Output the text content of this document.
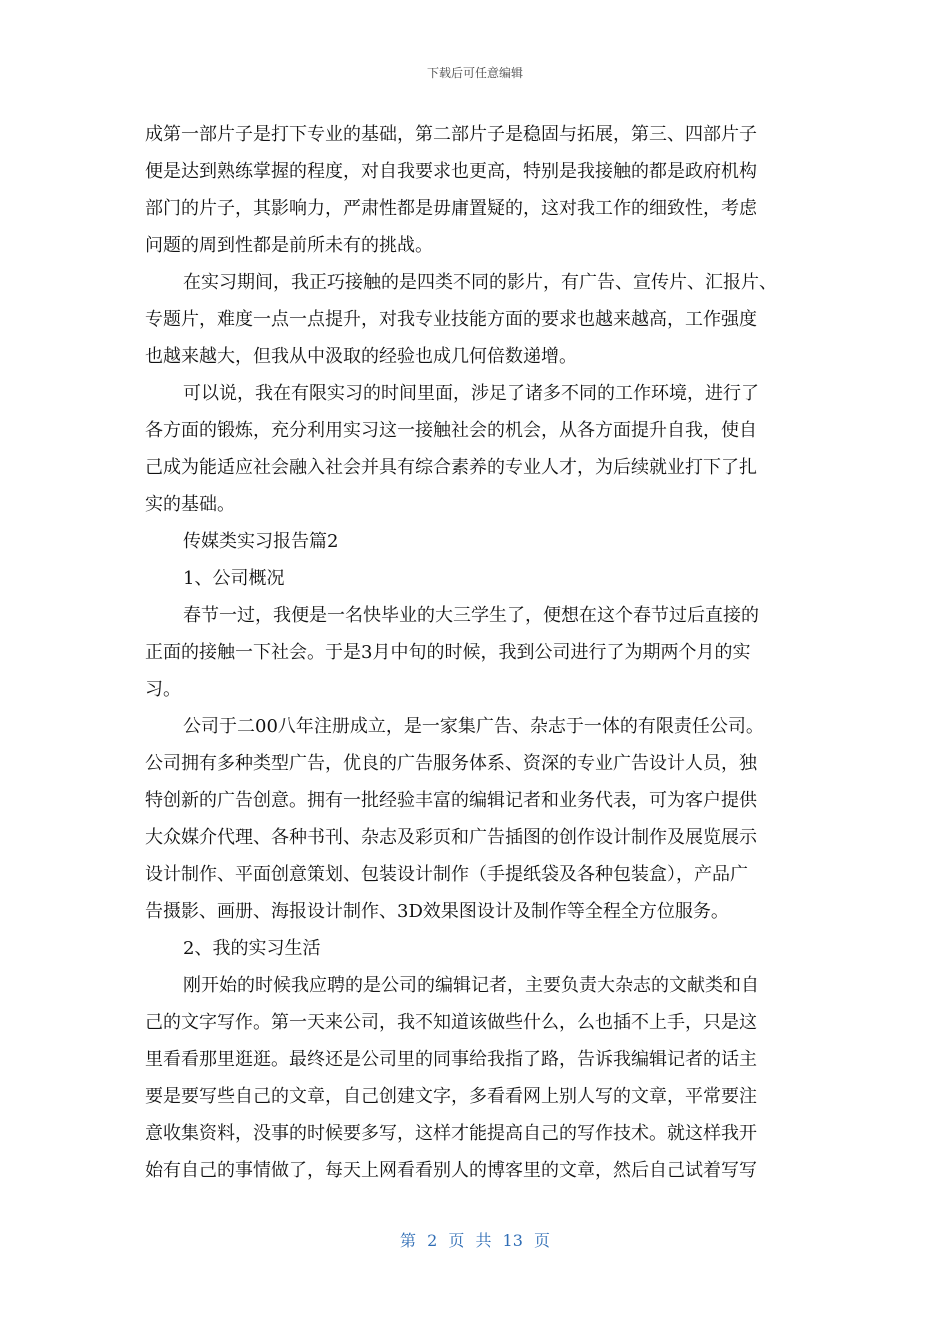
下载后可任意编辑
成第一部片子是打下专业的基础，第二部片子是稳固与拓展，第三、四部片子
便是达到熟练掌握的程度，对自我要求也更高，特别是我接触的都是政府机构
部门的片子，其影响力，严肃性都是毋庸置疑的，这对我工作的细致性，考虑
问题的周到性都是前所未有的挑战。
在实习期间，我正巧接触的是四类不同的影片，有广告、宣传片、汇报片、
专题片，难度一点一点提升，对我专业技能方面的要求也越来越高，工作强度
也越来越大，但我从中汲取的经验也成几何倍数递增。
可以说，我在有限实习的时间里面，涉足了诸多不同的工作环境，进行了
各方面的锻炼，充分利用实习这一接触社会的机会，从各方面提升自我，使自
己成为能适应社会融入社会并具有综合素养的专业人才，为后续就业打下了扎
实的基础。
传媒类实习报告篇2
1、公司概况
春节一过，我便是一名快毕业的大三学生了，便想在这个春节过后直接的
正面的接触一下社会。于是3月中旬的时候，我到公司进行了为期两个月的实
习。
公司于二00八年注册成立，是一家集广告、杂志于一体的有限责任公司。
公司拥有多种类型广告，优良的广告服务体系、资深的专业广告设计人员，独
特创新的广告创意。拥有一批经验丰富的编辑记者和业务代表，可为客户提供
大众媒介代理、各种书刊、杂志及彩页和广告插图的创作设计制作及展览展示
设计制作、平面创意策划、包装设计制作（手提纸袋及各种包装盒），产品广
告摄影、画册、海报设计制作、3D效果图设计及制作等全程全方位服务。
2、我的实习生活
刚开始的时候我应聘的是公司的编辑记者，主要负责大杂志的文献类和自
己的文字写作。第一天来公司，我不知道该做些什么，么也插不上手，只是这
里看看那里逛逛。最终还是公司里的同事给我指了路，告诉我编辑记者的话主
要是要写些自己的文章，自己创建文字，多看看网上别人写的文章，平常要注
意收集资料，没事的时候要多写，这样才能提高自己的写作技术。就这样我开
始有自己的事情做了，每天上网看看别人的博客里的文章，然后自己试着写写
第 2 页 共 13 页
